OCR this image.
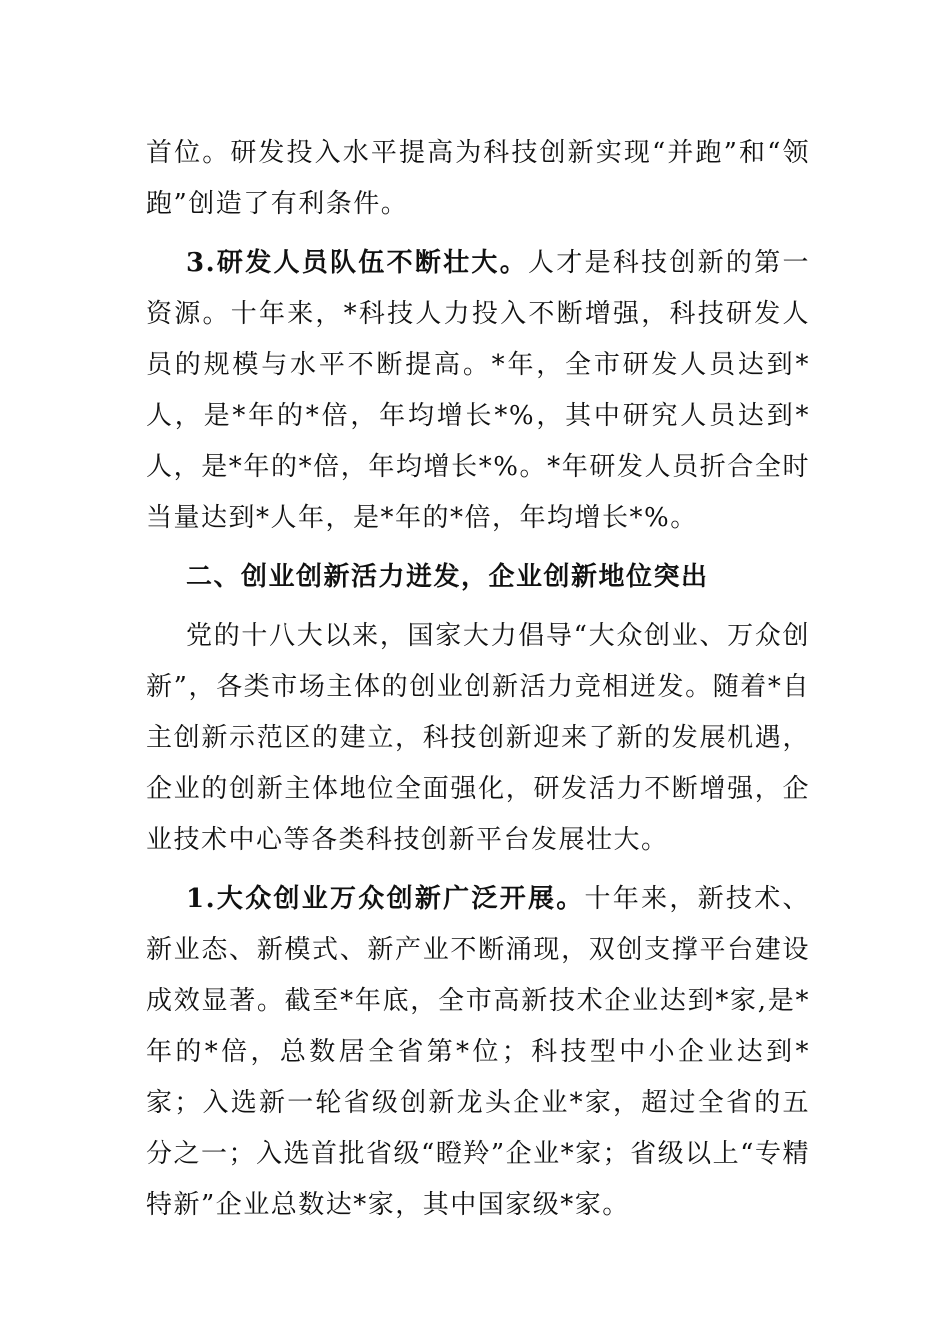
首位。研发投入水平提高为科技创新实现“并跑”和“领跑”创造了有利条件。

3.研发人员队伍不断壮大。人才是科技创新的第一资源。十年来，*科技人力投入不断增强，科技研发人员的规模与水平不断提高。*年，全市研发人员达到*人，是*年的*倍，年均增长*%，其中研究人员达到*人，是*年的*倍，年均增长*%。*年研发人员折合全时当量达到*人年，是*年的*倍，年均增长*%。

二、创业创新活力迸发，企业创新地位突出

党的十八大以来，国家大力倡导“大众创业、万众创新”，各类市场主体的创业创新活力竞相迸发。随着*自主创新示范区的建立，科技创新迎来了新的发展机遇，企业的创新主体地位全面强化，研发活力不断增强，企业技术中心等各类科技创新平台发展壮大。

1.大众创业万众创新广泛开展。十年来，新技术、新业态、新模式、新产业不断涌现，双创支撑平台建设成效显著。截至*年底，全市高新技术企业达到*家,是*年的*倍，总数居全省第*位；科技型中小企业达到*家；入选新一轮省级创新龙头企业*家，超过全省的五分之一；入选首批省级“瞪羚”企业*家；省级以上“专精特新”企业总数达*家，其中国家级*家。
